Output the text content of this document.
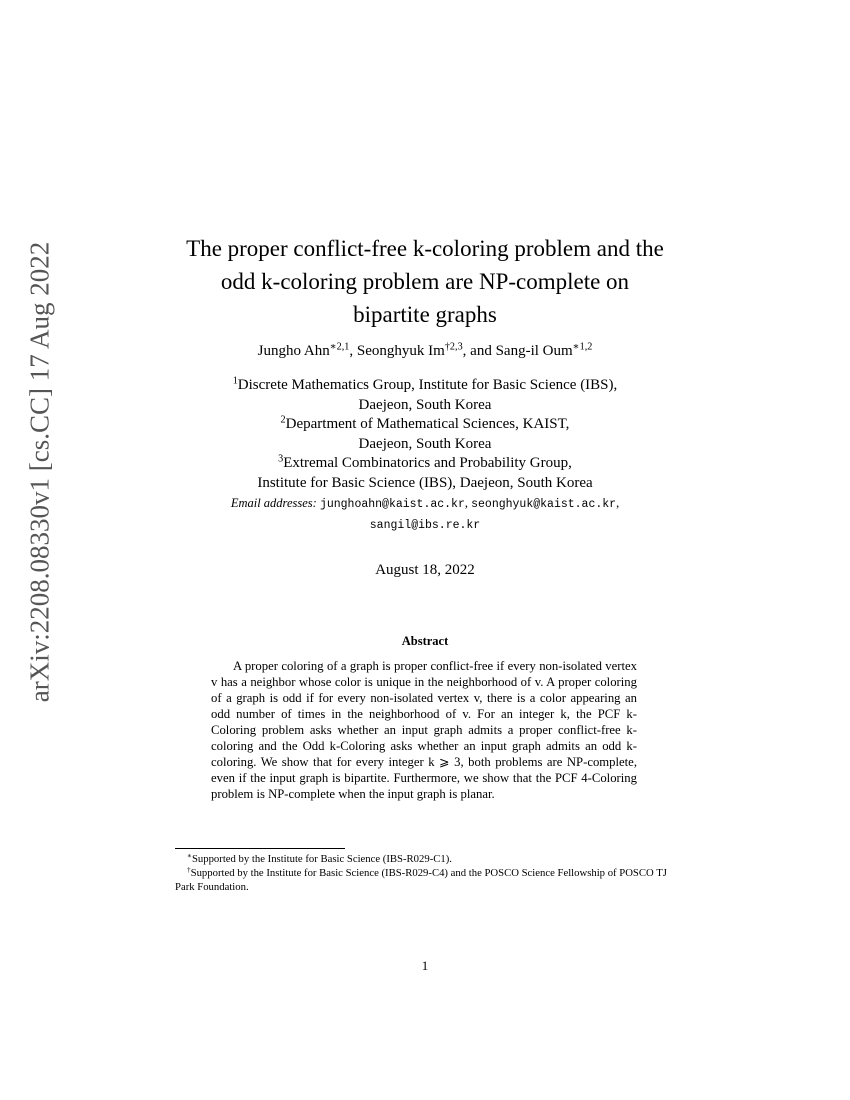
arXiv:2208.08330v1 [cs.CC] 17 Aug 2022	The proper conflict-free k-coloring problem and the
odd k-coloring problem are NP-complete on
bipartite graphs
Jungho Ahn$^{∗2,1}$, Seonghyuk Im$^{\dagger 2,3}$, and Sang-il Oum$^{∗1,2}$
$^1$Discrete Mathematics Group, Institute for Basic Science (IBS),
Daejeon, South Korea
$^2$Department of Mathematical Sciences, KAIST,
Daejeon, South Korea
$^3$Extremal Combinatorics and Probability Group,
Institute for Basic Science (IBS), Daejeon, South Korea
Email addresses: junghoahn@kaist.ac.kr, seonghyuk@kaist.ac.kr,
sangil@ibs.re.kr
August 18, 2022
Abstract

A proper coloring of a graph is proper conflict-free if every non-isolated vertex v has a neighbor whose color is unique in the neighborhood of v. A proper coloring of a graph is odd if for every non-isolated vertex v, there is a color appearing an odd number of times in the neighborhood of v. For an integer k, the PCF k-Coloring problem asks whether an input graph admits a proper conflict-free k-coloring and the Odd k-Coloring asks whether an input graph admits an odd k-coloring. We show that for every integer k ⩾ 3, both problems are NP-complete, even if the input graph is bipartite. Furthermore, we show that the PCF 4-Coloring problem is NP-complete when the input graph is planar.

∗Supported by the Institute for Basic Science (IBS-R029-C1).

†Supported by the Institute for Basic Science (IBS-R029-C4) and the POSCO Science Fellowship of POSCO TJ Park Foundation.

1
